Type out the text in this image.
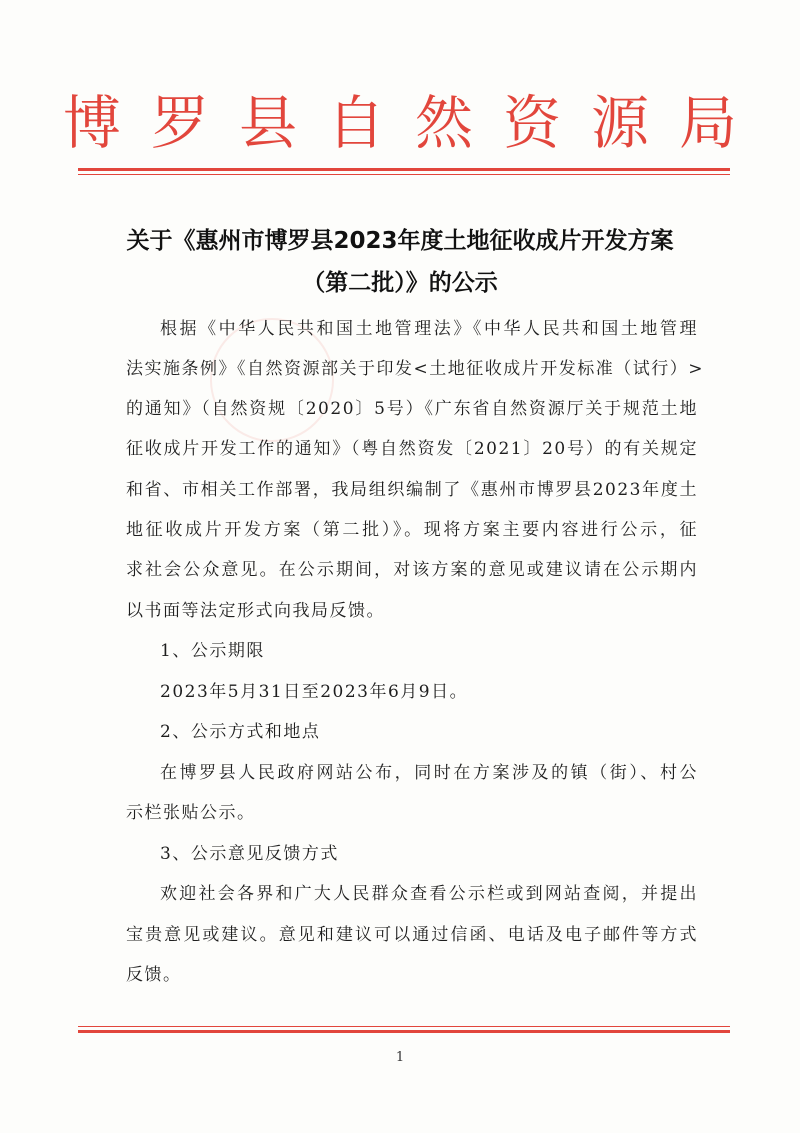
博罗县自然资源局
关于《惠州市博罗县2023年度土地征收成片开发方案
（第二批）》的公示
根据《中华人民共和国土地管理法》《中华人民共和国土地管理
法实施条例》《自然资源部关于印发<土地征收成片开发标准（试行）>
的通知》（自然资规〔2020〕5号）《广东省自然资源厅关于规范土地
征收成片开发工作的通知》（粤自然资发〔2021〕20号）的有关规定
和省、市相关工作部署，我局组织编制了《惠州市博罗县2023年度土
地征收成片开发方案（第二批）》。现将方案主要内容进行公示，征
求社会公众意见。在公示期间，对该方案的意见或建议请在公示期内
以书面等法定形式向我局反馈。
1、公示期限
2023年5月31日至2023年6月9日。
2、公示方式和地点
在博罗县人民政府网站公布，同时在方案涉及的镇（街）、村公
示栏张贴公示。
3、公示意见反馈方式
欢迎社会各界和广大人民群众查看公示栏或到网站查阅，并提出
宝贵意见或建议。意见和建议可以通过信函、电话及电子邮件等方式
反馈。
1
